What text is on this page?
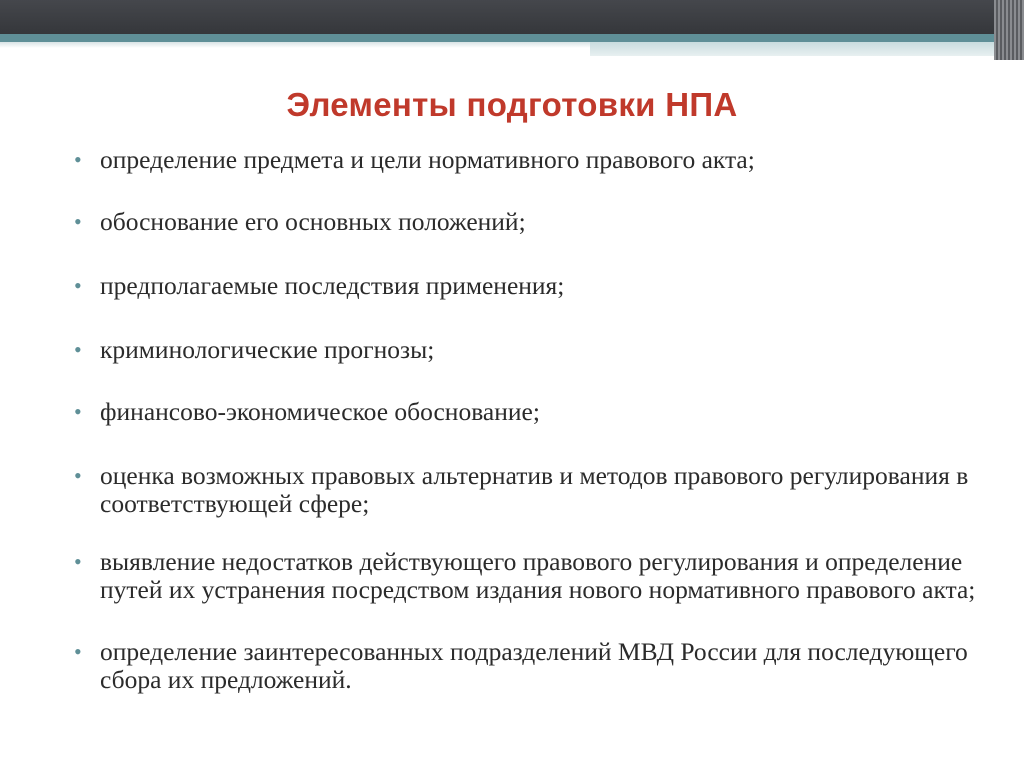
Элементы подготовки НПА
• определение предмета и цели нормативного правового акта;
• обоснование его основных положений;
• предполагаемые последствия применения;
• криминологические прогнозы;
• финансово-экономическое обоснование;
• оценка возможных правовых альтернатив и методов правового регулирования в соответствующей сфере;
• выявление недостатков действующего правового регулирования и определение путей их устранения посредством издания нового нормативного правового акта;
• определение заинтересованных подразделений МВД России для последующего сбора их предложений.
